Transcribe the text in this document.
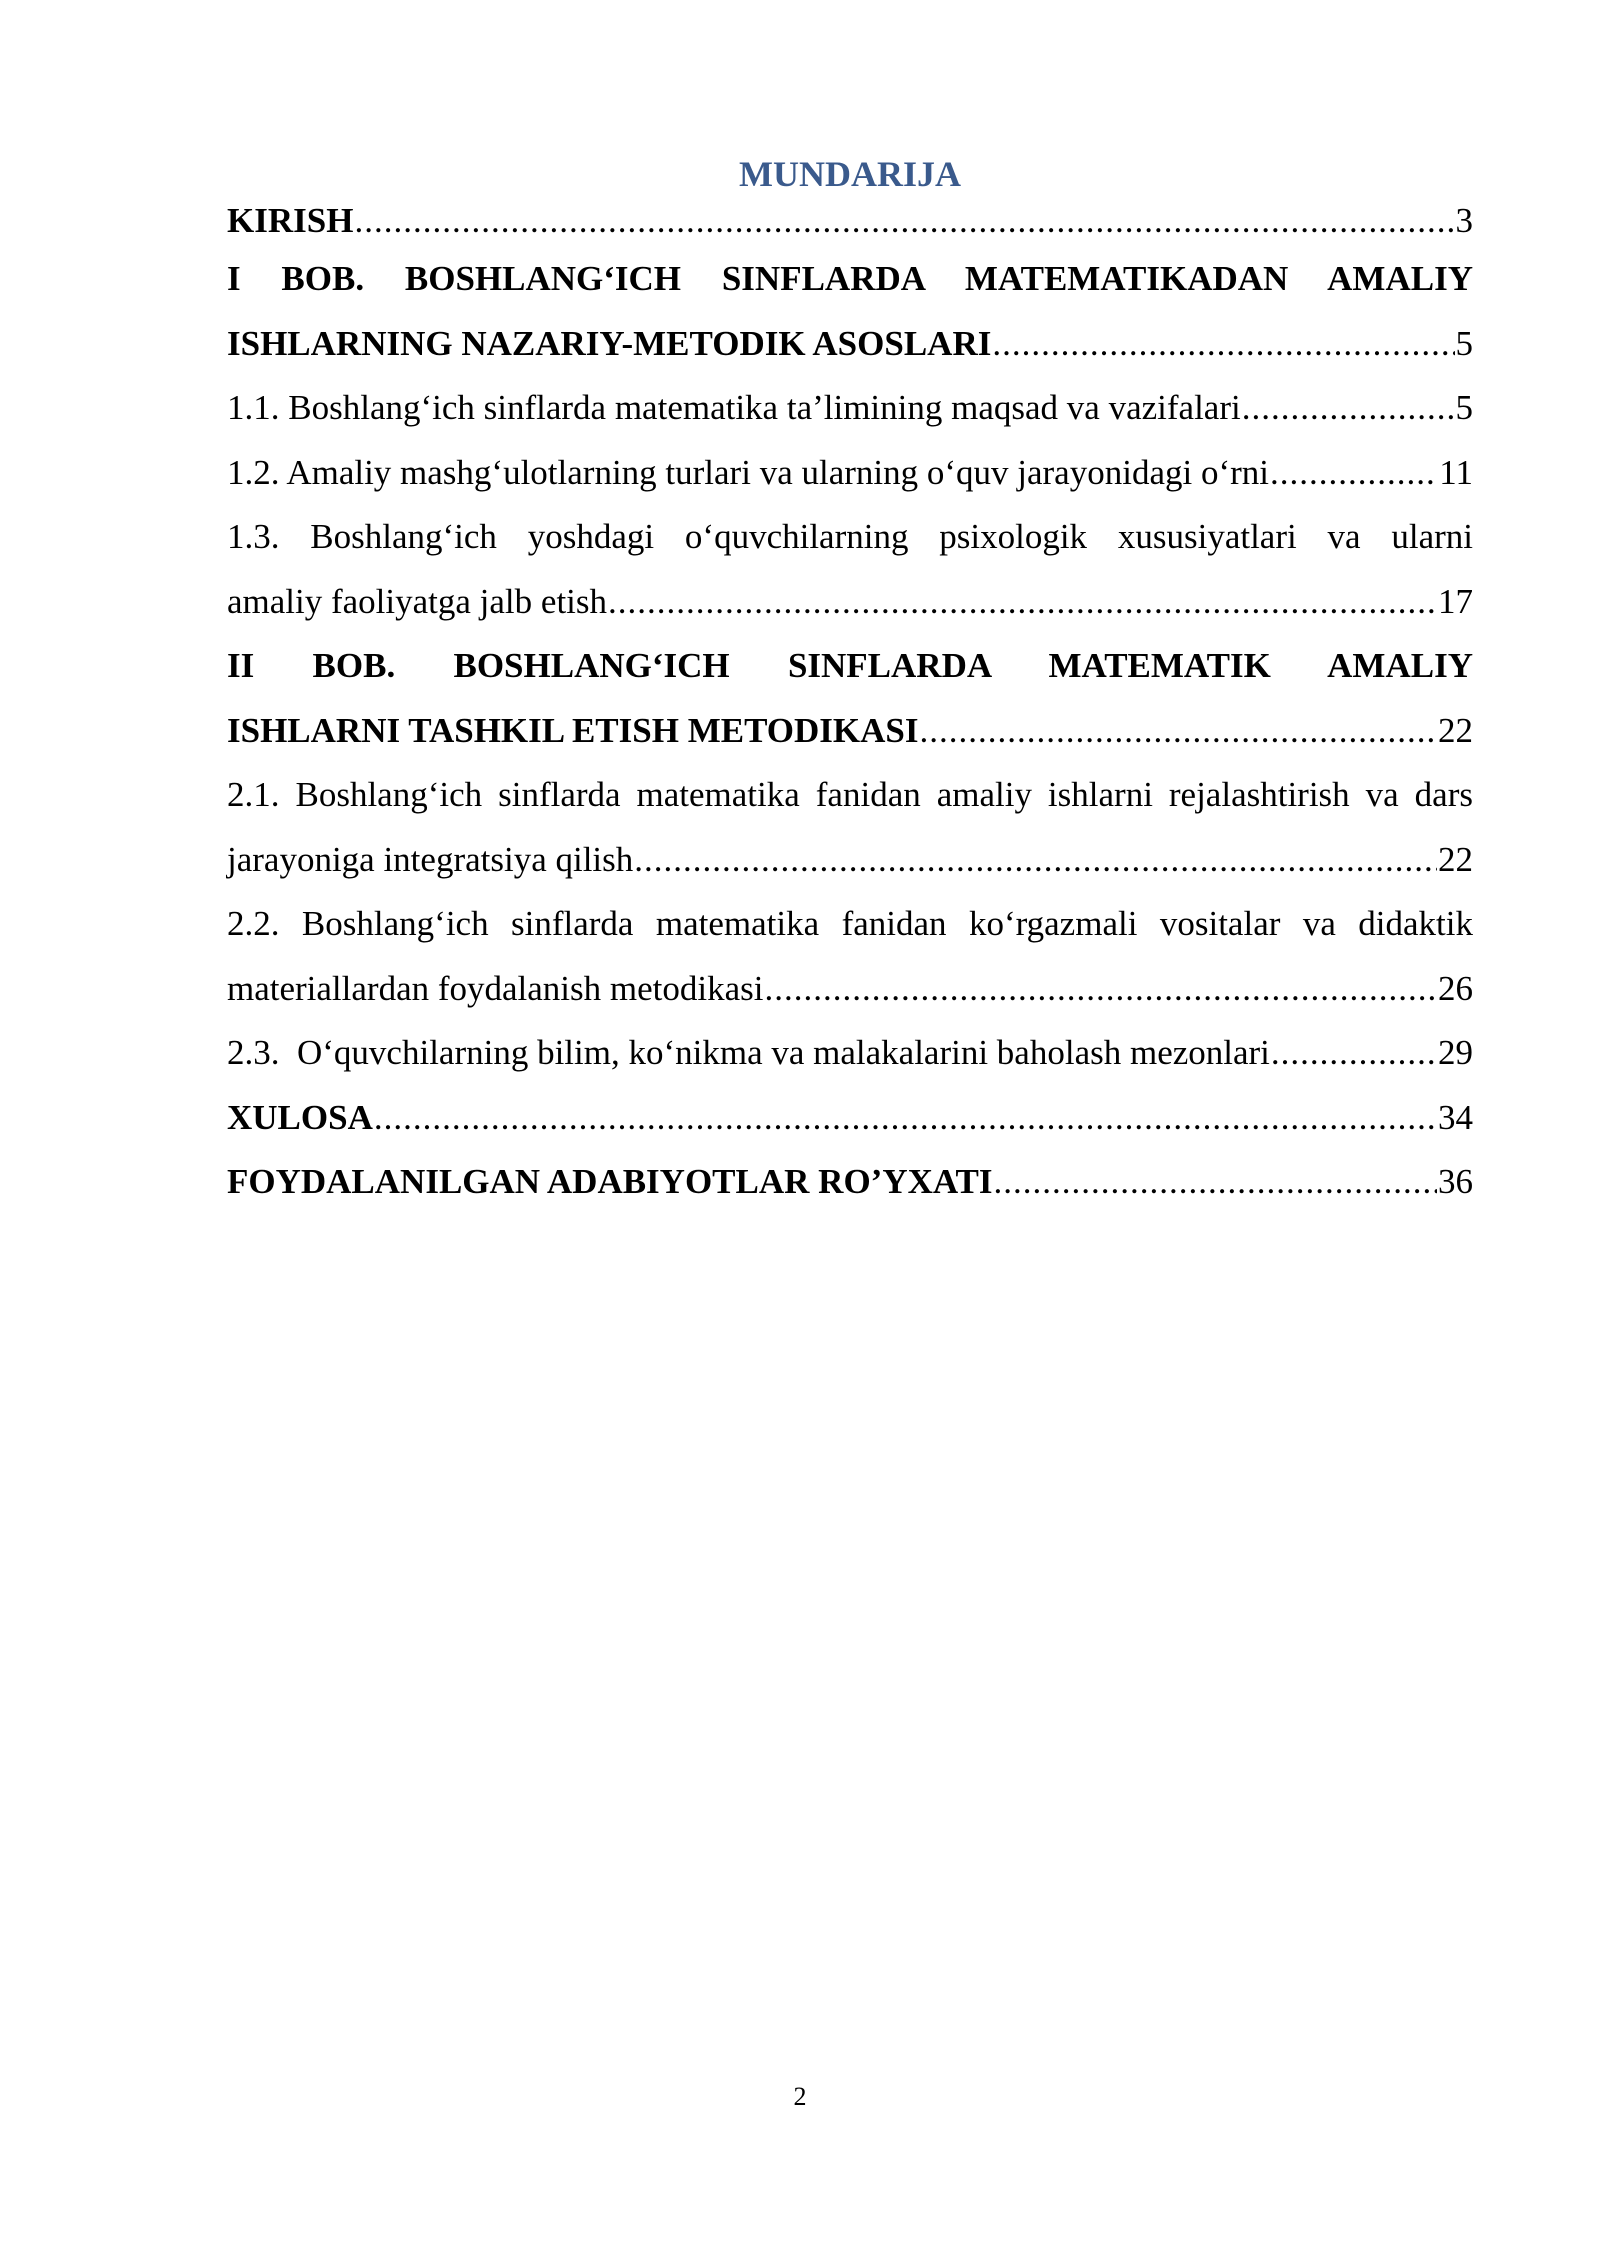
MUNDARIJA
KIRISH .....	3
I BOB. BOSHLANG‘ICH SINFLARDA MATEMATIKADAN AMALIY
ISHLARNING NAZARIY-METODIK ASOSLARI .....	5
1.1. Boshlang‘ich sinflarda matematika ta’limining maqsad va vazifalari .....	5
1.2. Amaliy mashg‘ulotlarning turlari va ularning o‘quv jarayonidagi o‘rni .....	11
1.3. Boshlang‘ich yoshdagi o‘quvchilarning psixologik xususiyatlari va ularni
amaliy faoliyatga jalb etish .....	17
II BOB. BOSHLANG‘ICH SINFLARDA MATEMATIK AMALIY
ISHLARNI TASHKIL ETISH METODIKASI .....	22
2.1. Boshlang‘ich sinflarda matematika fanidan amaliy ishlarni rejalashtirish va dars
jarayoniga integratsiya qilish .....	22
2.2. Boshlang‘ich sinflarda matematika fanidan ko‘rgazmali vositalar va didaktik
materiallardan foydalanish metodikasi .....	26
2.3.  O‘quvchilarning bilim, ko‘nikma va malakalarini baholash mezonlari .....	29
XULOSA .....	34
FOYDALANILGAN ADABIYOTLAR RO’YXATI .....	36
2
